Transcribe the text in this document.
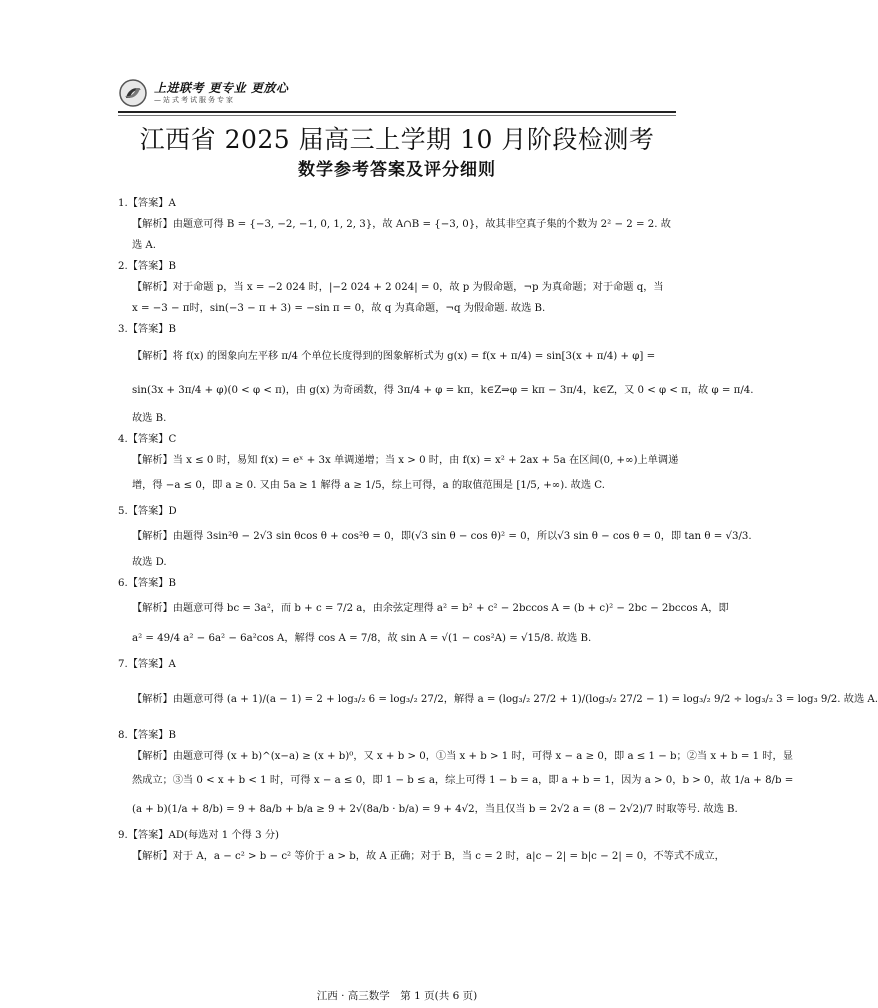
上进联考 更专业 更放心
—站式考试服务专家
江西省 2025 届高三上学期 10 月阶段检测考
数学参考答案及评分细则
1.【答案】A
【解析】由题意可得 B = {−3, −2, −1, 0, 1, 2, 3}，故 A∩B = {−3, 0}，故其非空真子集的个数为 2² − 2 = 2. 故
选 A.
2.【答案】B
【解析】对于命题 p，当 x = −2 024 时，|−2 024 + 2 024| = 0，故 p 为假命题，¬p 为真命题；对于命题 q，当
x = −3 − π时，sin(−3 − π + 3) = −sin π = 0，故 q 为真命题，¬q 为假命题. 故选 B.
3.【答案】B
【解析】将 f(x) 的图象向左平移 π/4 个单位长度得到的图象解析式为 g(x) = f(x + π/4) = sin[3(x + π/4) + φ] =
sin(3x + 3π/4 + φ)(0 < φ < π)，由 g(x) 为奇函数，得 3π/4 + φ = kπ，k∈Z⇒φ = kπ − 3π/4，k∈Z，又 0 < φ < π，故 φ = π/4.
故选 B.
4.【答案】C
【解析】当 x ≤ 0 时，易知 f(x) = eˣ + 3x 单调递增；当 x > 0 时，由 f(x) = x² + 2ax + 5a 在区间(0, +∞)上单调递
增，得 −a ≤ 0，即 a ≥ 0. 又由 5a ≥ 1 解得 a ≥ 1/5，综上可得，a 的取值范围是 [1/5, +∞). 故选 C.
5.【答案】D
【解析】由题得 3sin²θ − 2√3 sin θcos θ + cos²θ = 0，即(√3 sin θ − cos θ)² = 0，所以√3 sin θ − cos θ = 0，即 tan θ = √3/3.
故选 D.
6.【答案】B
【解析】由题意可得 bc = 3a²，而 b + c = 7/2 a，由余弦定理得 a² = b² + c² − 2bccos A = (b + c)² − 2bc − 2bccos A，即
a² = 49/4 a² − 6a² − 6a²cos A，解得 cos A = 7/8，故 sin A = √(1 − cos²A) = √15/8. 故选 B.
7.【答案】A
【解析】由题意可得 (a + 1)/(a − 1) = 2 + log₃/₂ 6 = log₃/₂ 27/2，解得 a = (log₃/₂ 27/2 + 1)/(log₃/₂ 27/2 − 1) = log₃/₂ 9/2 ÷ log₃/₂ 3 = log₃ 9/2. 故选 A.
8.【答案】B
【解析】由题意可得 (x + b)^(x−a) ≥ (x + b)⁰，又 x + b > 0，①当 x + b > 1 时，可得 x − a ≥ 0，即 a ≤ 1 − b；②当 x + b = 1 时，显
然成立；③当 0 < x + b < 1 时，可得 x − a ≤ 0，即 1 − b ≤ a，综上可得 1 − b = a，即 a + b = 1，因为 a > 0，b > 0，故 1/a + 8/b =
(a + b)(1/a + 8/b) = 9 + 8a/b + b/a ≥ 9 + 2√(8a/b · b/a) = 9 + 4√2，当且仅当 b = 2√2 a = (8 − 2√2)/7 时取等号. 故选 B.
9.【答案】AD(每选对 1 个得 3 分)
【解析】对于 A，a − c² > b − c² 等价于 a > b，故 A 正确；对于 B，当 c = 2 时，a|c − 2| = b|c − 2| = 0，不等式不成立，
江西 · 高三数学　第 1 页(共 6 页)
